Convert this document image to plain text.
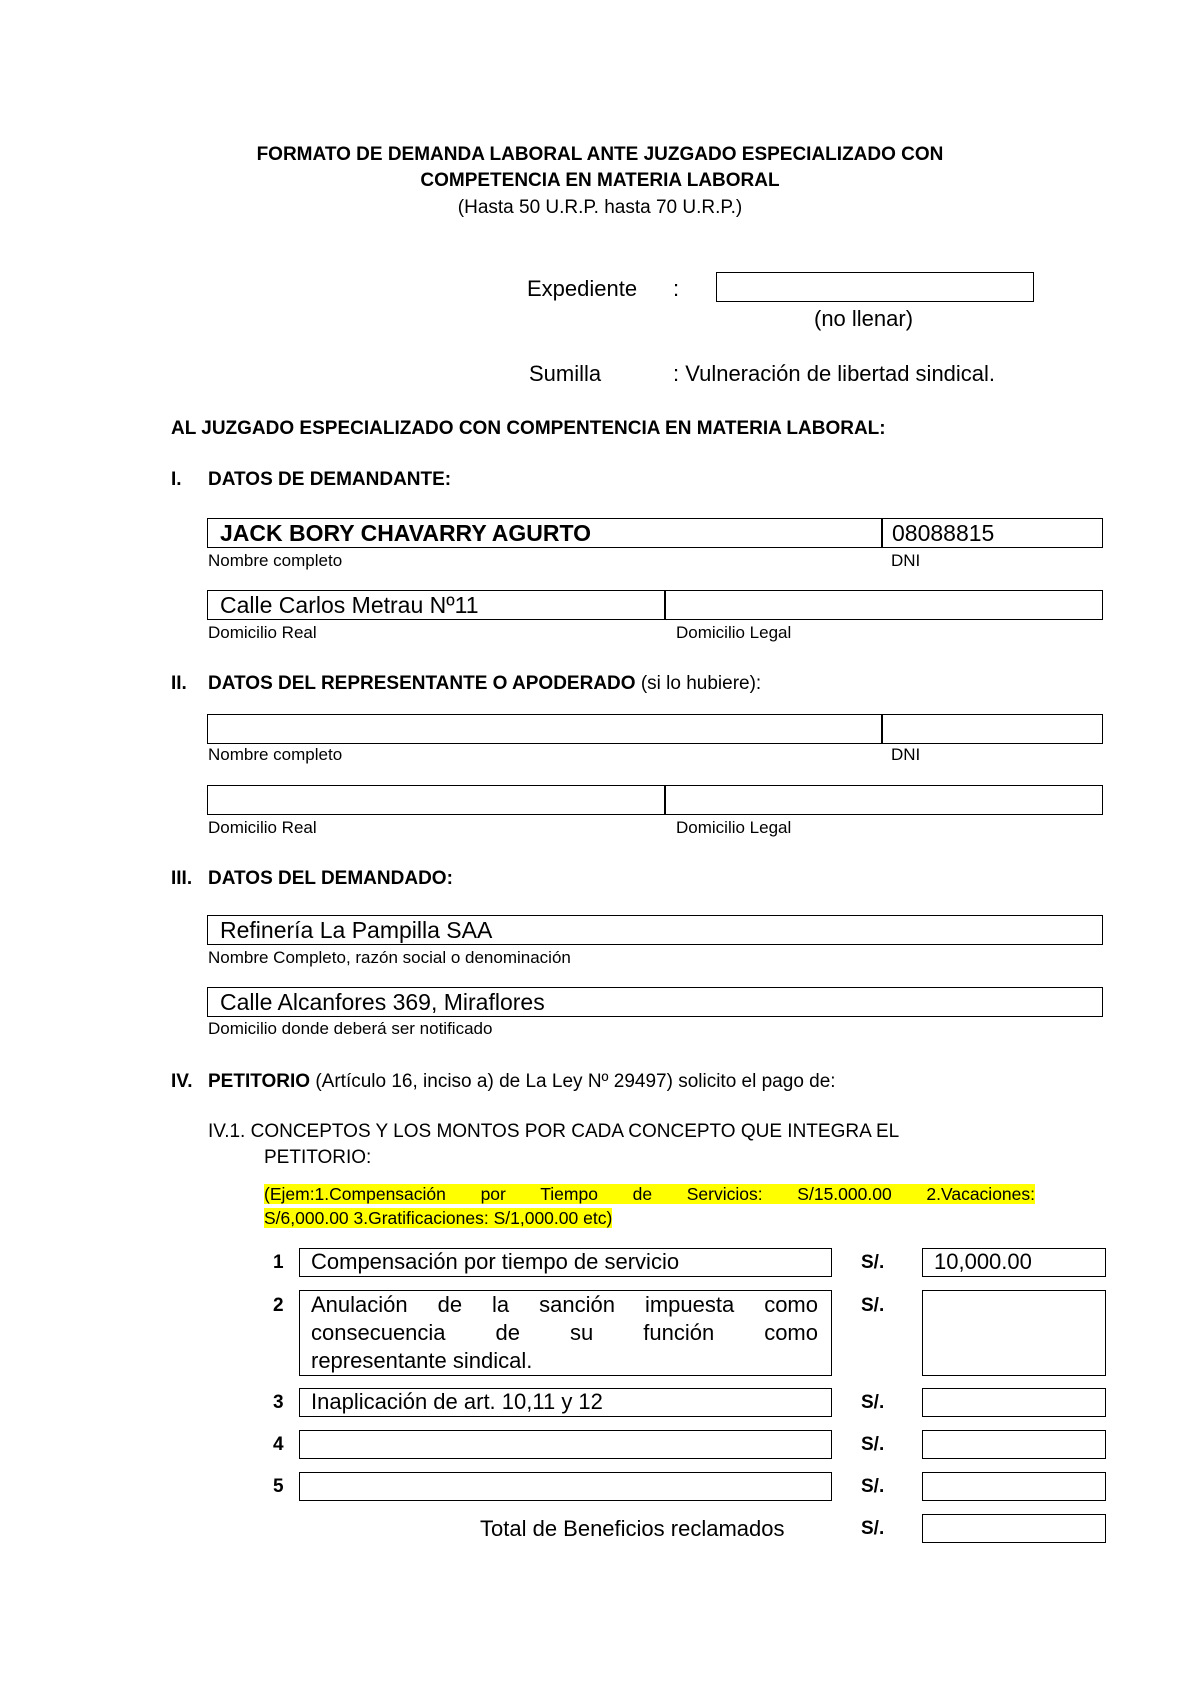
FORMATO DE DEMANDA LABORAL ANTE JUZGADO ESPECIALIZADO CON
COMPETENCIA EN MATERIA LABORAL
(Hasta 50 U.R.P. hasta 70 U.R.P.)
Expediente :
(no llenar)
Sumilla	: Vulneración de libertad sindical.
AL JUZGADO ESPECIALIZADO CON COMPENTENCIA EN MATERIA LABORAL:
I. DATOS DE DEMANDANTE:
JACK BORY CHAVARRY AGURTO	08088815
Nombre completo	DNI
Calle Carlos Metrau Nº11
Domicilio Real	Domicilio Legal
II. DATOS DEL REPRESENTANTE O APODERADO (si lo hubiere):
Nombre completo	DNI
Domicilio Real	Domicilio Legal
III. DATOS DEL DEMANDADO:
Refinería La Pampilla SAA
Nombre Completo, razón social o denominación
Calle Alcanfores 369, Miraflores
Domicilio donde deberá ser notificado
IV. PETITORIO (Artículo 16, inciso a) de La Ley Nº 29497) solicito el pago de:
IV.1. CONCEPTOS Y LOS MONTOS POR CADA CONCEPTO QUE INTEGRA EL
PETITORIO:
(Ejem:1.Compensación por Tiempo de Servicios: S/15.000.00 2.Vacaciones:
S/6,000.00 3.Gratificaciones: S/1,000.00 etc)
1 Compensación por tiempo de servicio	S/. 10,000.00
2 Anulación de la sanción impuesta como
consecuencia de su función como
representante sindical.
S/.
3 Inaplicación de art. 10,11 y 12	S/.
4	S/.
5	S/.
Total de Beneficios reclamados	S/.
